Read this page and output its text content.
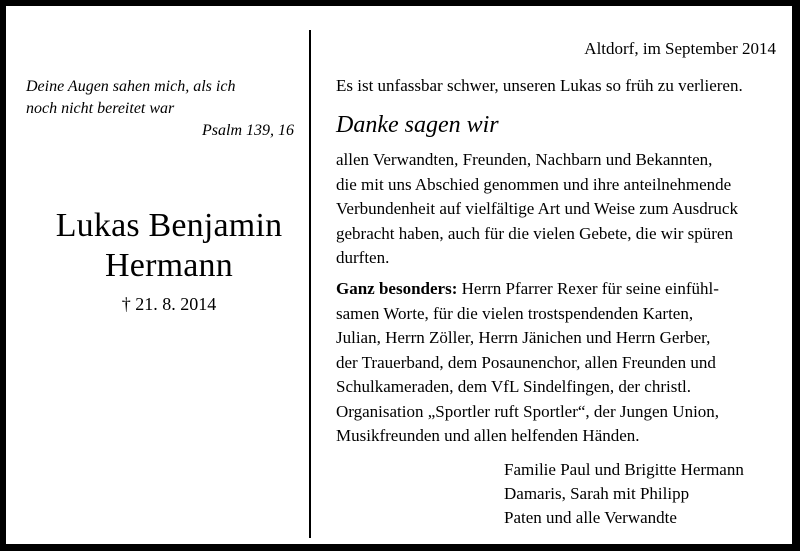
Deine Augen sahen mich, als ich
noch nicht bereitet war
Psalm 139, 16
Lukas Benjamin
Hermann
† 21. 8. 2014
Altdorf, im September 2014
Es ist unfassbar schwer, unseren Lukas so früh zu verlieren.
Danke sagen wir
allen Verwandten, Freunden, Nachbarn und Bekannten,
die mit uns Abschied genommen und ihre anteilnehmende
Verbundenheit auf vielfältige Art und Weise zum Ausdruck
gebracht haben, auch für die vielen Gebete, die wir spüren
durften.
Ganz besonders: Herrn Pfarrer Rexer für seine einfühl-
samen Worte, für die vielen trostspendenden Karten,
Julian, Herrn Zöller, Herrn Jänichen und Herrn Gerber,
der Trauerband, dem Posaunenchor, allen Freunden und
Schulkameraden, dem VfL Sindelfingen, der christl.
Organisation „Sportler ruft Sportler“, der Jungen Union,
Musikfreunden und allen helfenden Händen.
Familie Paul und Brigitte Hermann
Damaris, Sarah mit Philipp
Paten und alle Verwandte
